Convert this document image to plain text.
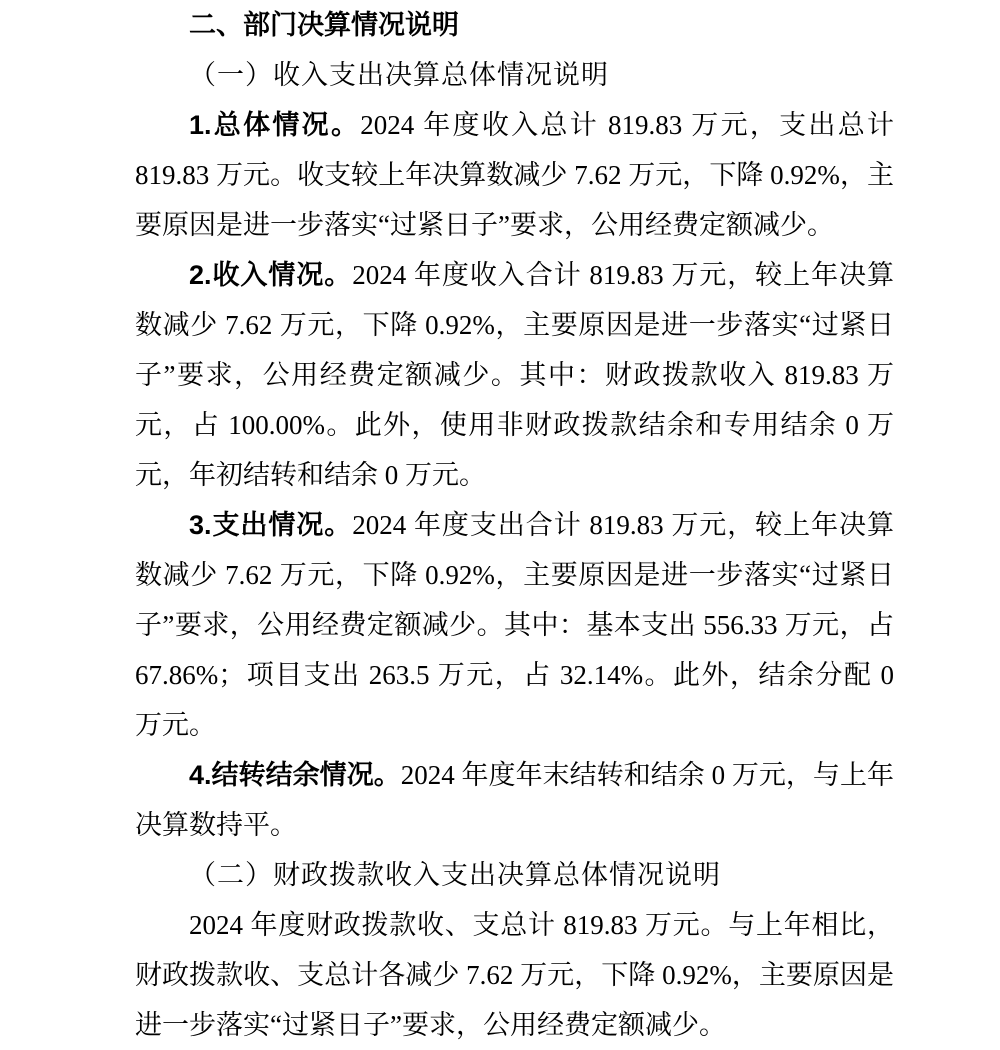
二、部门决算情况说明

（一）收入支出决算总体情况说明

1.总体情况。2024 年度收入总计 819.83 万元，支出总计 819.83 万元。收支较上年决算数减少 7.62 万元，下降 0.92%，主要原因是进一步落实“过紧日子”要求，公用经费定额减少。

2.收入情况。2024 年度收入合计 819.83 万元，较上年决算数减少 7.62 万元，下降 0.92%，主要原因是进一步落实“过紧日子”要求，公用经费定额减少。其中：财政拨款收入 819.83 万元，占 100.00%。此外，使用非财政拨款结余和专用结余 0 万元，年初结转和结余 0 万元。

3.支出情况。2024 年度支出合计 819.83 万元，较上年决算数减少 7.62 万元，下降 0.92%，主要原因是进一步落实“过紧日子”要求，公用经费定额减少。其中：基本支出 556.33 万元，占 67.86%；项目支出 263.5 万元，占 32.14%。此外，结余分配 0 万元。

4.结转结余情况。2024 年度年末结转和结余 0 万元，与上年决算数持平。

（二）财政拨款收入支出决算总体情况说明

2024 年度财政拨款收、支总计 819.83 万元。与上年相比，财政拨款收、支总计各减少 7.62 万元，下降 0.92%，主要原因是进一步落实“过紧日子”要求，公用经费定额减少。
